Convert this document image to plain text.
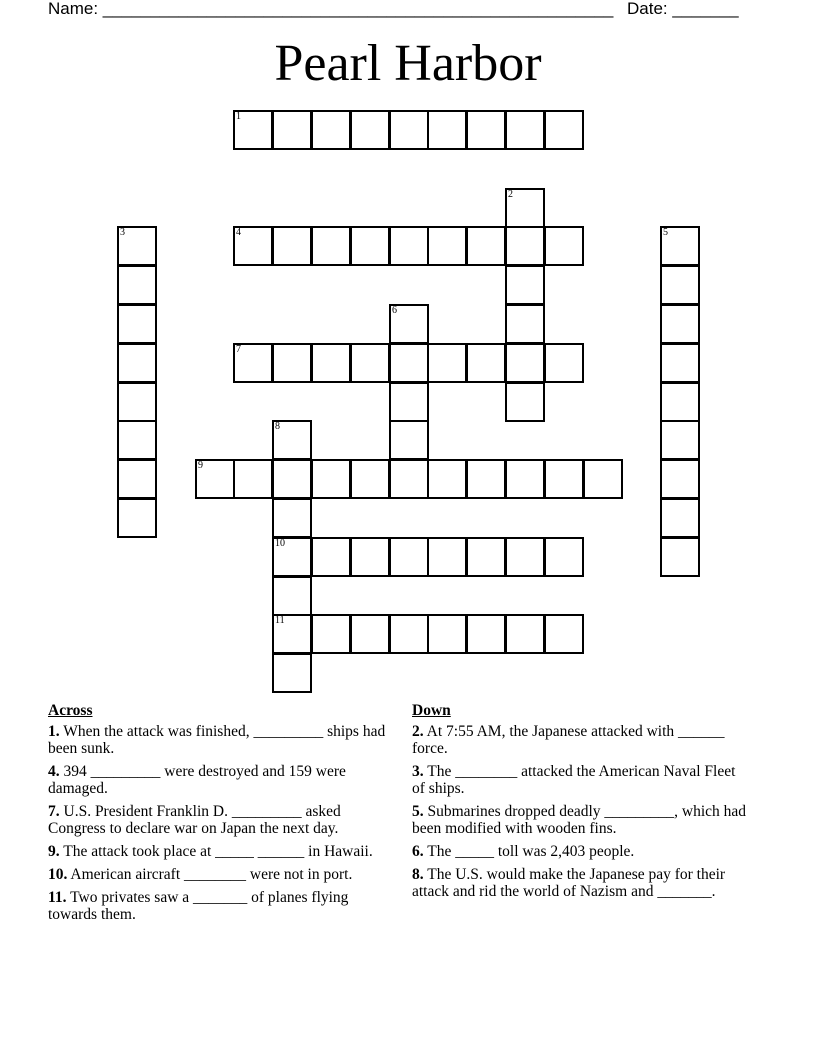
Name: ______________________________________________________ Date: _______
Pearl Harbor
1
2
3	4	5
6
7
8
10
11
9
Across
1. When the attack was finished, _________ ships had been sunk.
4. 394 _________ were destroyed and 159 were damaged.
7. U.S. President Franklin D. _________ asked Congress to declare war on Japan the next day.
9. The attack took place at _____ ______ in Hawaii.
10. American aircraft ________ were not in port.
11. Two privates saw a _______ of planes flying towards them.
Down
2. At 7:55 AM, the Japanese attacked with ______ force.
3. The ________ attacked the American Naval Fleet of ships.
5. Submarines dropped deadly _________, which had been modified with wooden fins.
6. The _____ toll was 2,403 people.
8. The U.S. would make the Japanese pay for their attack and rid the world of Nazism and _______.
